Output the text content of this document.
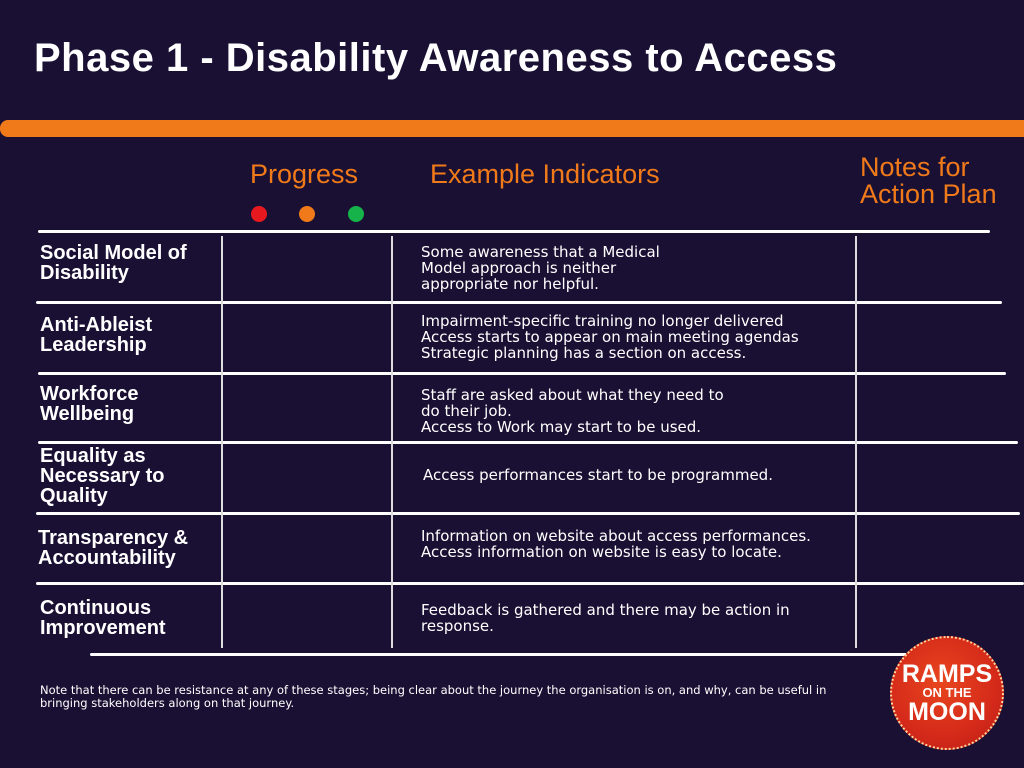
Phase 1 - Disability Awareness to Access
Progress	Example Indicators	Notes for Action Plan
Social Model of Disability
Anti-Ableist Leadership
Workforce Wellbeing
Equality as Necessary to Quality
Transparency & Accountability
Continuous Improvement
Some awareness that a Medical
Model approach is neither
appropriate nor helpful.
Impairment-specific training no longer delivered
Access starts to appear on main meeting agendas
Strategic planning has a section on access.
Staff are asked about what they need to
do their job.
Access to Work may start to be used.
Access performances start to be programmed.
Information on website about access performances.
Access information on website is easy to locate.
Feedback is gathered and there may be action in
response.
Note that there can be resistance at any of these stages; being clear about the journey the organisation is on, and why, can be useful in bringing stakeholders along on that journey.
RAMPS
ON THE
MOON
